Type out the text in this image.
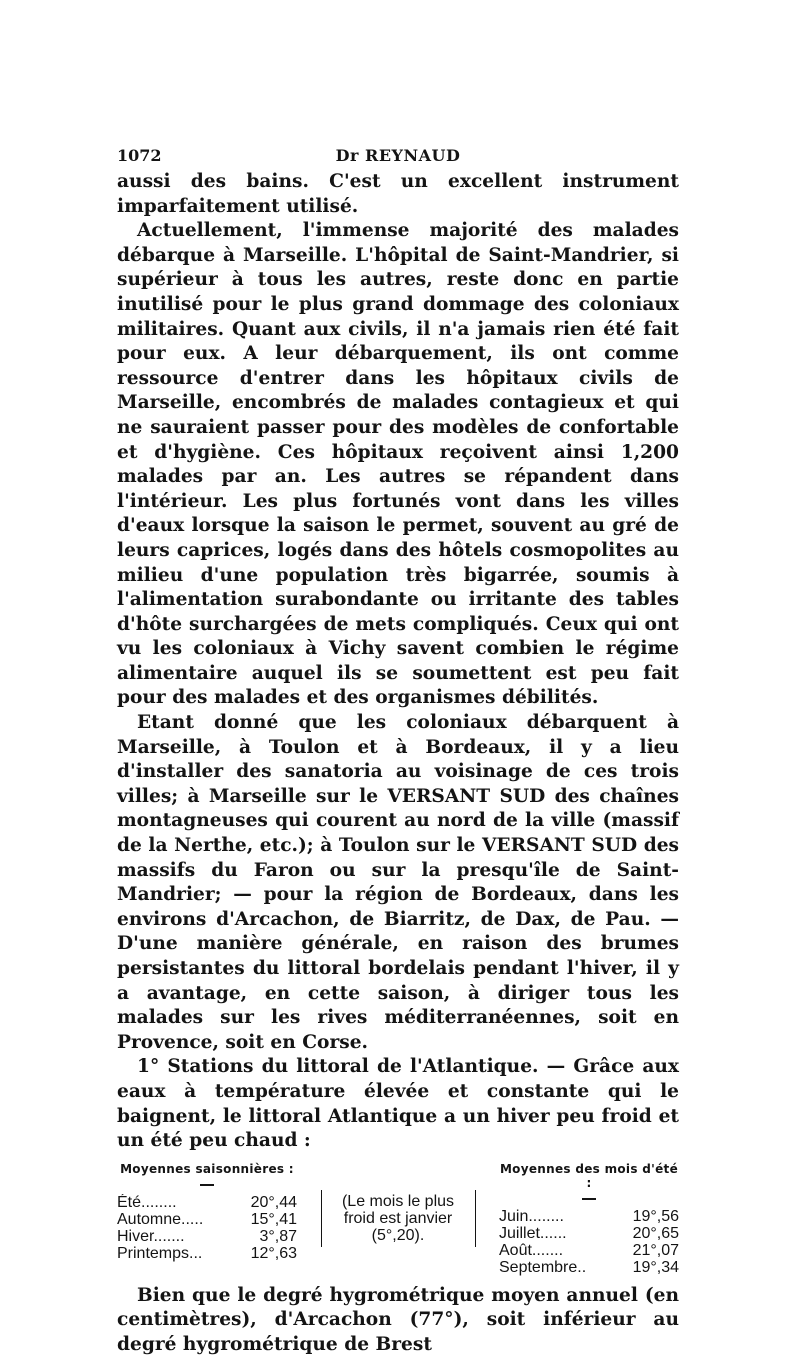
1072	Dr REYNAUD

aussi des bains. C'est un excellent instrument imparfaitement utilisé.

Actuellement, l'immense majorité des malades débarque à Marseille. L'hôpital de Saint-Mandrier, si supérieur à tous les autres, reste donc en partie inutilisé pour le plus grand dommage des coloniaux militaires. Quant aux civils, il n'a jamais rien été fait pour eux. A leur débarquement, ils ont comme ressource d'entrer dans les hôpitaux civils de Marseille, encombrés de malades contagieux et qui ne sauraient passer pour des modèles de confortable et d'hygiène. Ces hôpitaux reçoivent ainsi 1,200 malades par an. Les autres se répandent dans l'intérieur. Les plus fortunés vont dans les villes d'eaux lorsque la saison le permet, souvent au gré de leurs caprices, logés dans des hôtels cosmopolites au milieu d'une population très bigarrée, soumis à l'alimentation surabondante ou irritante des tables d'hôte surchargées de mets compliqués. Ceux qui ont vu les coloniaux à Vichy savent combien le régime alimentaire auquel ils se soumettent est peu fait pour des malades et des organismes débilités.

Etant donné que les coloniaux débarquent à Marseille, à Toulon et à Bordeaux, il y a lieu d'installer des sanatoria au voisinage de ces trois villes; à Marseille sur le VERSANT SUD des chaînes montagneuses qui courent au nord de la ville (massif de la Nerthe, etc.); à Toulon sur le VERSANT SUD des massifs du Faron ou sur la presqu'île de Saint-Mandrier; — pour la région de Bordeaux, dans les environs d'Arcachon, de Biarritz, de Dax, de Pau. — D'une manière générale, en raison des brumes persistantes du littoral bordelais pendant l'hiver, il y a avantage, en cette saison, à diriger tous les malades sur les rives méditerranéennes, soit en Provence, soit en Corse.

1° Stations du littoral de l'Atlantique. — Grâce aux eaux à température élevée et constante qui le baignent, le littoral Atlantique a un hiver peu froid et un été peu chaud :

Moyennes saisonnières :
Été........	20°,44
Automne.....	15°,41
Hiver.......	3°,87
Printemps...	12°,63
(Le mois le plus froid est janvier (5°,20).
Moyennes des mois d'été :
Juin........	19°,56
Juillet......	20°,65
Août.......	21°,07
Septembre..	19°,34

Bien que le degré hygrométrique moyen annuel (en centimètres), d'Arcachon (77°), soit inférieur au degré hygrométrique de Brest
